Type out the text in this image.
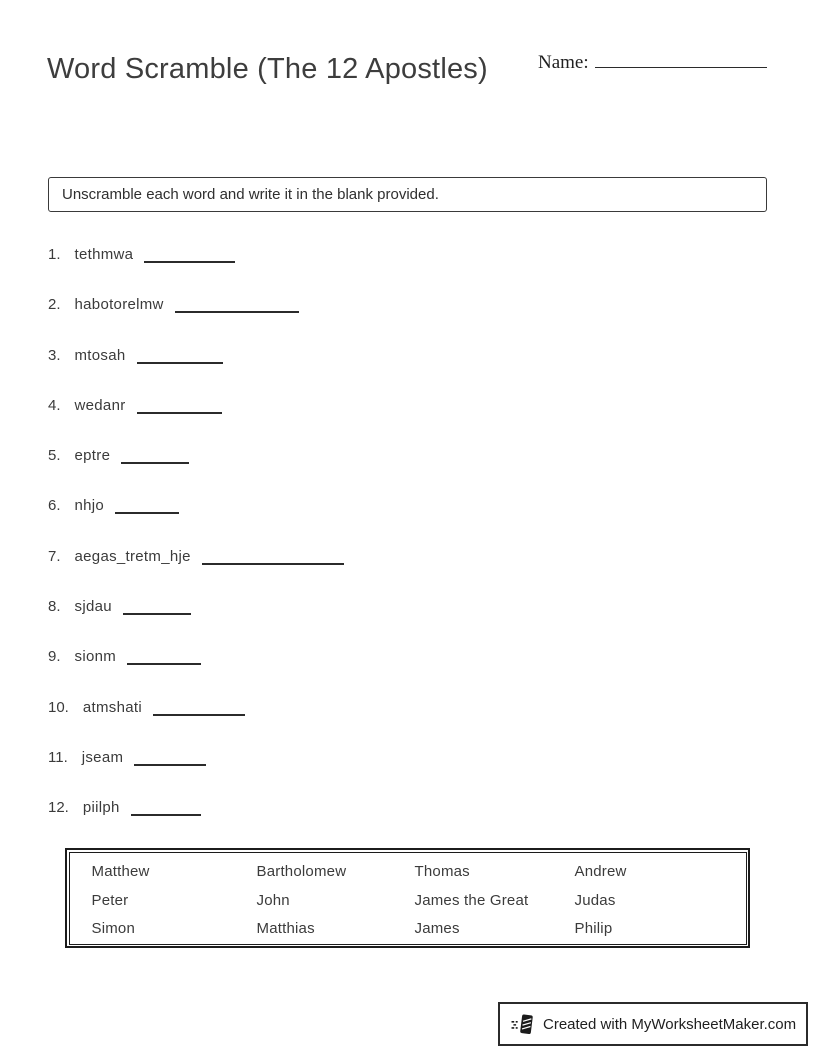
Word Scramble (The 12 Apostles)	Name:
Unscramble each word and write it in the blank provided.
1. tethmwa
2. habotorelmw
3. mtosah
4. wedanr
5. eptre
6. nhjo
7. aegas_tretm_hje
8. sjdau
9. sionm
10. atmshati
11. jseam
12. piilph
Matthew	Bartholomew	Thomas	Andrew
Peter	John	James the Great	Judas
Simon	Matthias	James	Philip
Created with MyWorksheetMaker.com
